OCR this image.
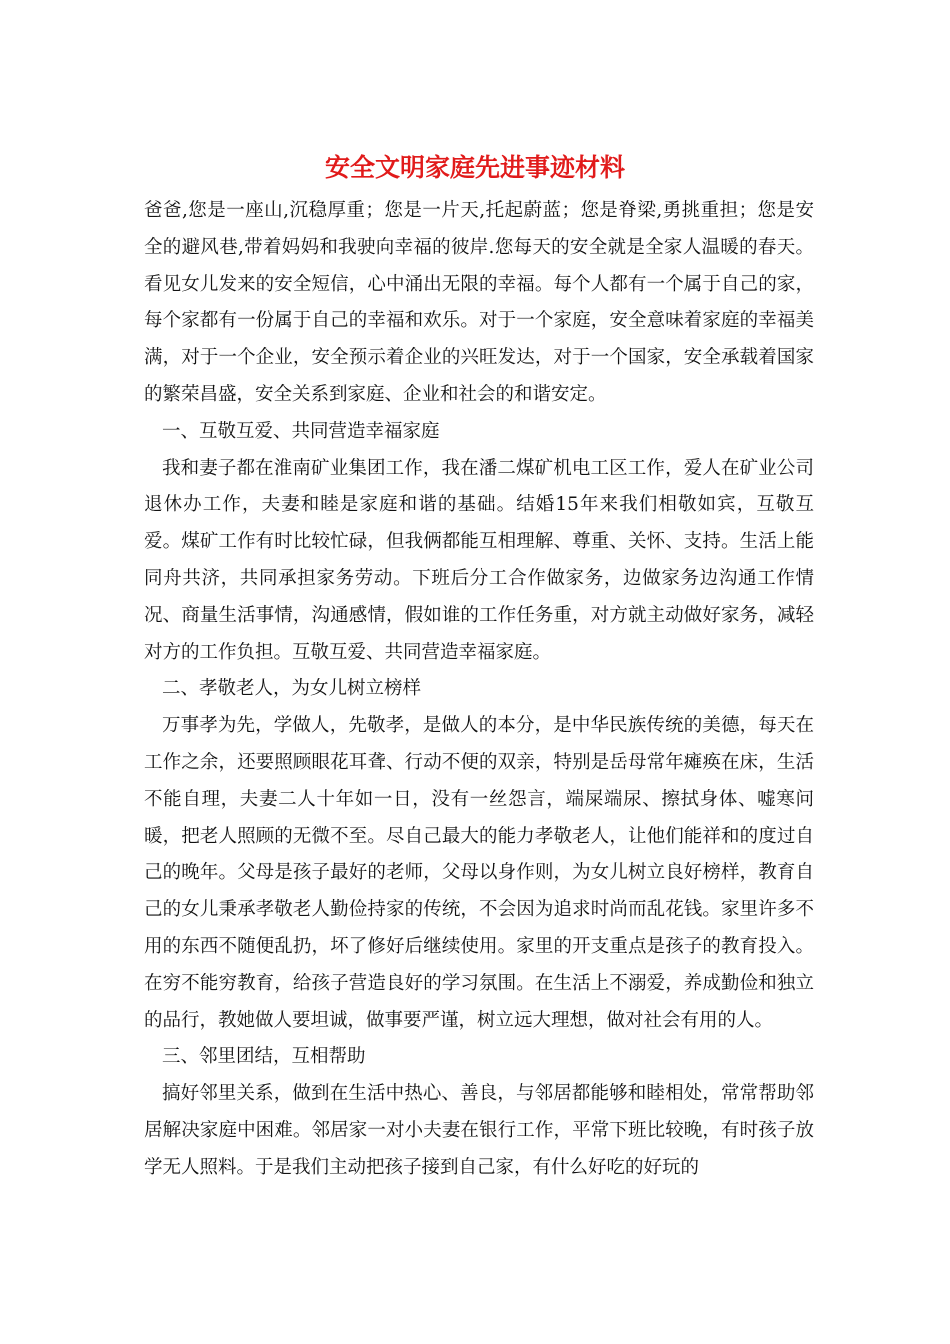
安全文明家庭先进事迹材料

爸爸,您是一座山,沉稳厚重；您是一片天,托起蔚蓝；您是脊梁,勇挑重担；您是安全的避风巷,带着妈妈和我驶向幸福的彼岸.您每天的安全就是全家人温暖的春天。看见女儿发来的安全短信，心中涌出无限的幸福。每个人都有一个属于自己的家，每个家都有一份属于自己的幸福和欢乐。对于一个家庭，安全意味着家庭的幸福美满，对于一个企业，安全预示着企业的兴旺发达，对于一个国家，安全承载着国家的繁荣昌盛，安全关系到家庭、企业和社会的和谐安定。

一、互敬互爱、共同营造幸福家庭

我和妻子都在淮南矿业集团工作，我在潘二煤矿机电工区工作，爱人在矿业公司退休办工作，夫妻和睦是家庭和谐的基础。结婚15年来我们相敬如宾，互敬互爱。煤矿工作有时比较忙碌，但我俩都能互相理解、尊重、关怀、支持。生活上能同舟共济，共同承担家务劳动。下班后分工合作做家务，边做家务边沟通工作情况、商量生活事情，沟通感情，假如谁的工作任务重，对方就主动做好家务，减轻对方的工作负担。互敬互爱、共同营造幸福家庭。

二、孝敬老人，为女儿树立榜样

万事孝为先，学做人，先敬孝，是做人的本分，是中华民族传统的美德，每天在工作之余，还要照顾眼花耳聋、行动不便的双亲，特别是岳母常年瘫痪在床，生活不能自理，夫妻二人十年如一日，没有一丝怨言，端屎端尿、擦拭身体、嘘寒问暖，把老人照顾的无微不至。尽自己最大的能力孝敬老人，让他们能祥和的度过自己的晚年。父母是孩子最好的老师，父母以身作则，为女儿树立良好榜样，教育自己的女儿秉承孝敬老人勤俭持家的传统，不会因为追求时尚而乱花钱。家里许多不用的东西不随便乱扔，坏了修好后继续使用。家里的开支重点是孩子的教育投入。在穷不能穷教育，给孩子营造良好的学习氛围。在生活上不溺爱，养成勤俭和独立的品行，教她做人要坦诚，做事要严谨，树立远大理想，做对社会有用的人。

三、邻里团结，互相帮助

搞好邻里关系，做到在生活中热心、善良，与邻居都能够和睦相处，常常帮助邻居解决家庭中困难。邻居家一对小夫妻在银行工作，平常下班比较晚，有时孩子放学无人照料。于是我们主动把孩子接到自己家，有什么好吃的好玩的
